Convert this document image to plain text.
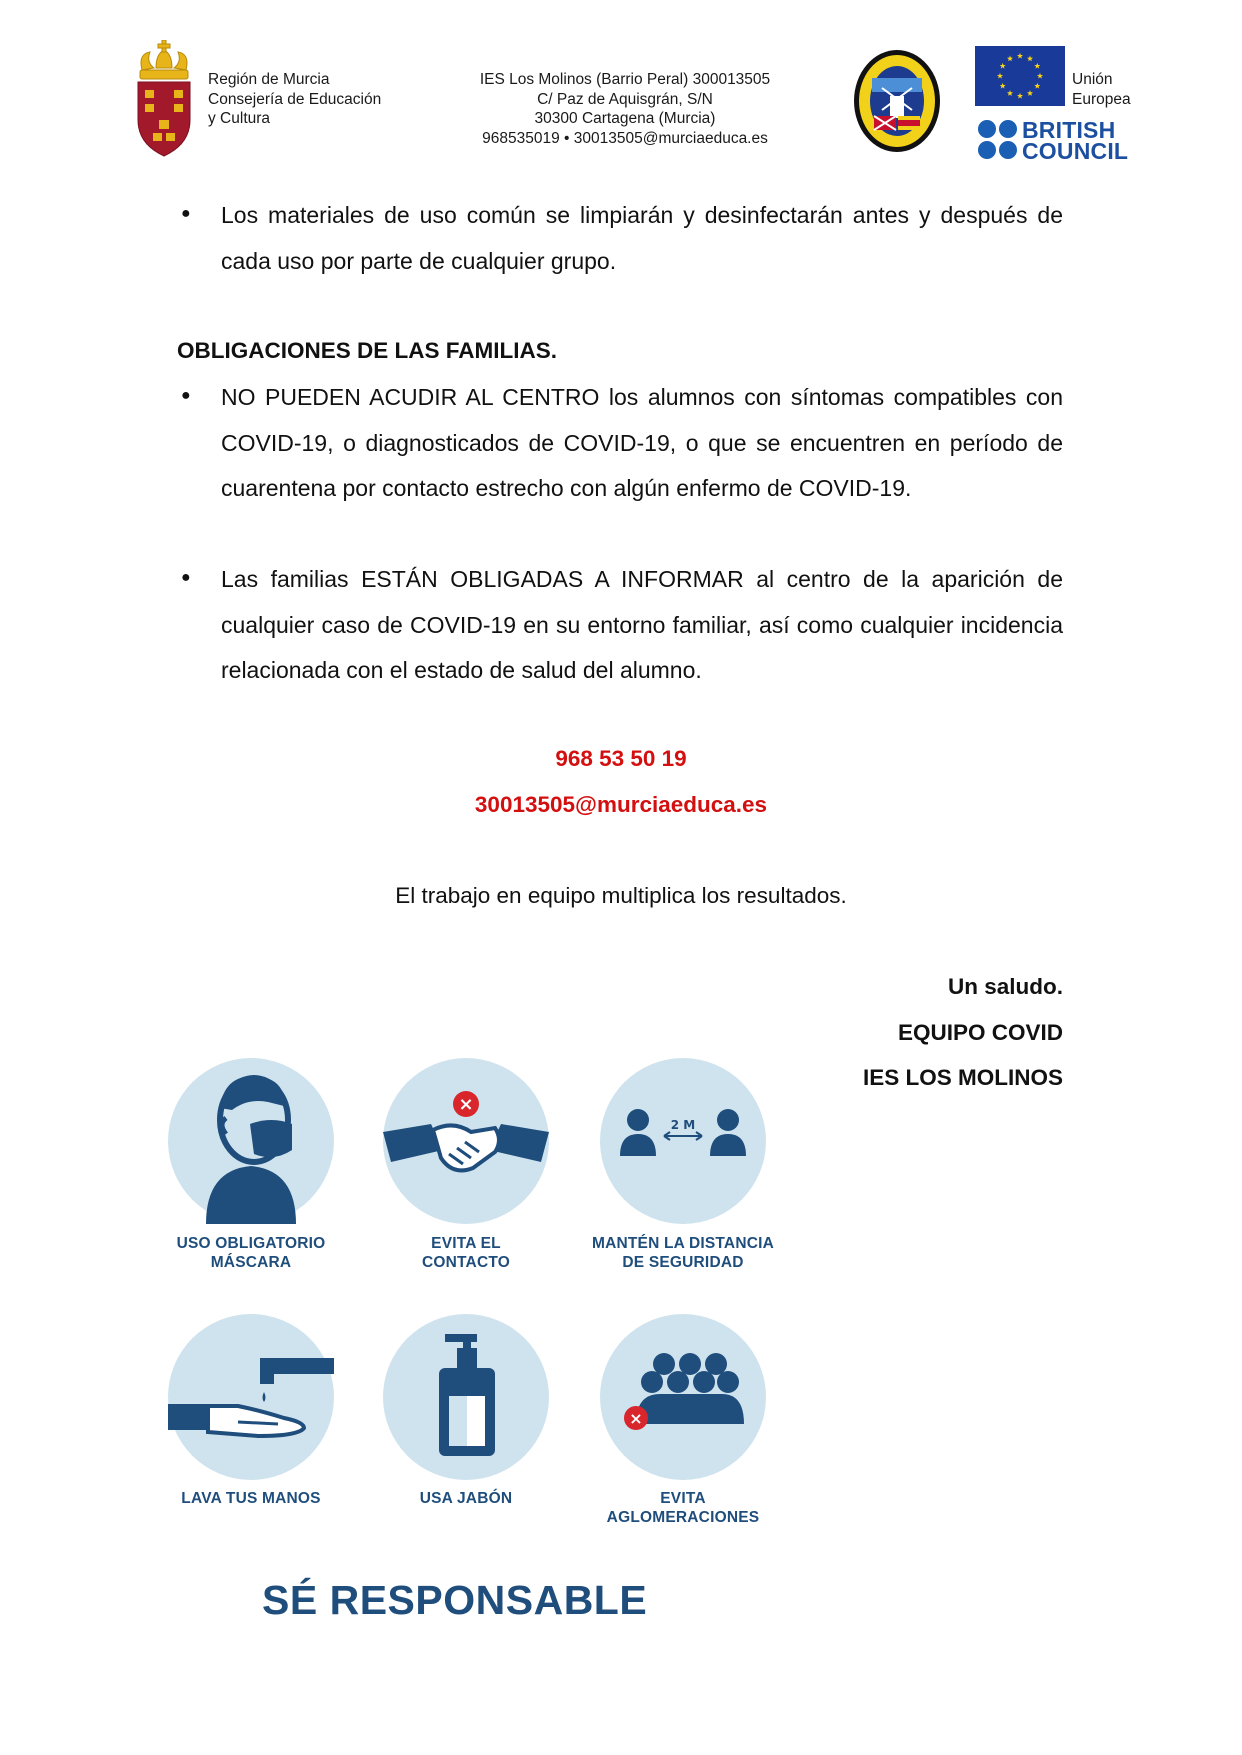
Región de Murcia
Consejería de Educación
y Cultura
IES Los Molinos (Barrio Peral) 300013505
C/ Paz de Aquisgrán, S/N
30300 Cartagena (Murcia)
968535019 • 30013505@murciaeduca.es
Unión
Europea
BRITISH
COUNCIL
● Los materiales de uso común se limpiarán y desinfectarán antes y después de cada uso por parte de cualquier grupo.
OBLIGACIONES DE LAS FAMILIAS.
● NO PUEDEN ACUDIR AL CENTRO los alumnos con síntomas compatibles con COVID-19, o diagnosticados de COVID-19, o que se encuentren en período de cuarentena por contacto estrecho con algún enfermo de COVID-19.
● Las familias ESTÁN OBLIGADAS A INFORMAR al centro de la aparición de cualquier caso de COVID-19 en su entorno familiar, así como cualquier incidencia relacionada con el estado de salud del alumno.
968 53 50 19
30013505@murciaeduca.es
El trabajo en equipo multiplica los resultados.
Un saludo.
EQUIPO COVID
IES LOS MOLINOS
USO OBLIGATORIO
MÁSCARA
×
EVITA EL
CONTACTO
2 M
MANTÉN LA DISTANCIA
DE SEGURIDAD
LAVA TUS MANOS	USA JABÓN
×
EVITA
AGLOMERACIONES
SÉ RESPONSABLE
